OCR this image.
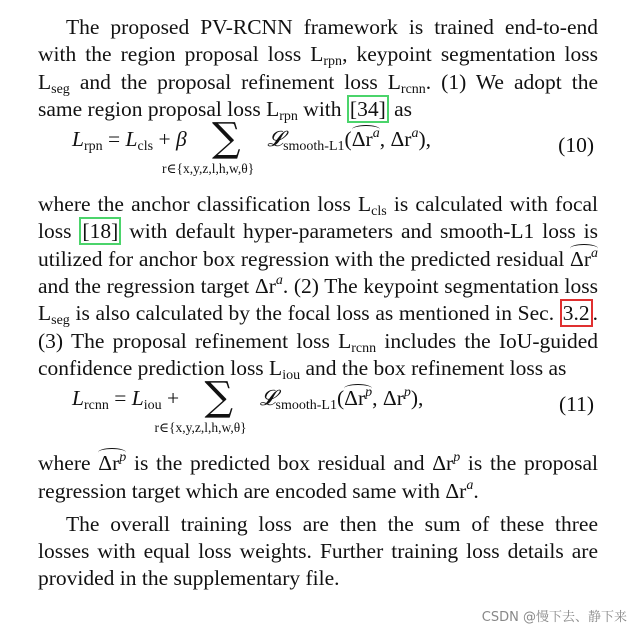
The proposed PV-RCNN framework is trained end-to-end with the region proposal loss $L_{rpn}$, keypoint segmentation loss $L_{seg}$ and the proposal refinement loss $L_{rcnn}$. (1) We adopt the same region proposal loss $L_{rpn}$ with [34] as

$L_{rpn} = L_{cls} + \beta$ ∑
r∈{x,y,z,l,h,w,θ}
$𝓛_{smooth-L1}(\Delta r^a$, $\Delta r^a$),	(10)

where the anchor classification loss $L_{cls}$ is calculated with focal loss [18] with default hyper-parameters and smooth-L1 loss is utilized for anchor box regression with the predicted residual $\Delta r^a$ and the regression target $\Delta r^a$. (2) The keypoint segmentation loss $L_{seg}$ is also calculated by the focal loss as mentioned in Sec. 3.2 . (3) The proposal refinement loss $L_{rcnn}$ includes the IoU-guided confidence prediction loss $L_{iou}$ and the box refinement loss as

$L_{rcnn} = L_{iou}$ + ∑
r∈{x,y,z,l,h,w,θ}
$𝓛_{smooth-L1}(\Delta r^p$, $\Delta r^p$),	(11)

where $\Delta r^p$ is the predicted box residual and $\Delta r^p$ is the proposal regression target which are encoded same with $\Delta r^a$.

The overall training loss are then the sum of these three losses with equal loss weights. Further training loss details are provided in the supplementary file.

CSDN @慢下去、静下来
